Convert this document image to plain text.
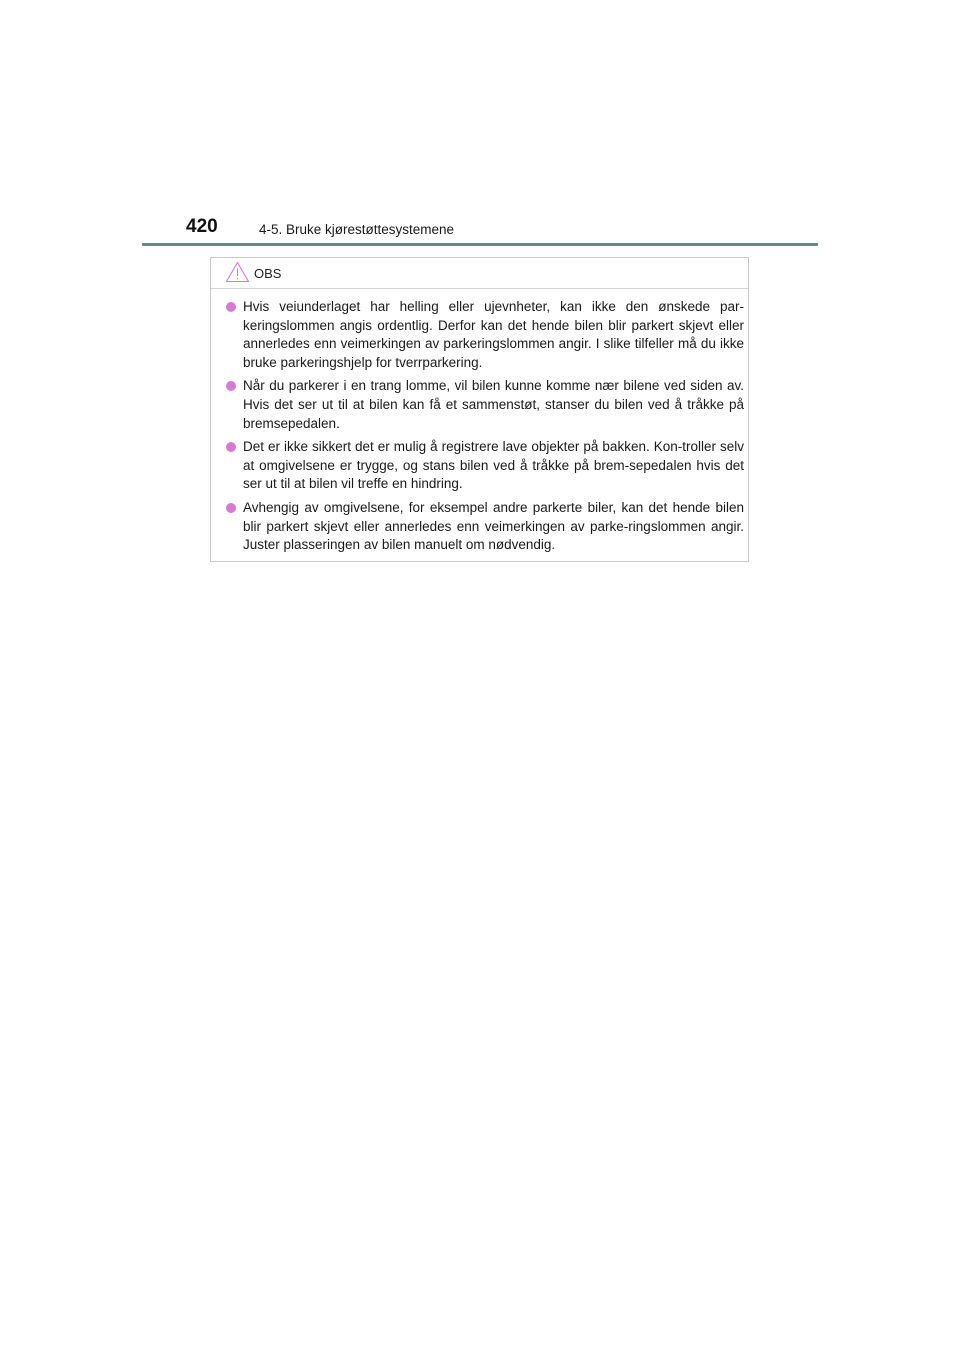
420	4-5. Bruke kjørestøttesystemene
OBS
Hvis veiunderlaget har helling eller ujevnheter, kan ikke den ønskede par-keringslommen angis ordentlig. Derfor kan det hende bilen blir parkert skjevt eller annerledes enn veimerkingen av parkeringslommen angir. I slike tilfeller må du ikke bruke parkeringshjelp for tverrparkering.
Når du parkerer i en trang lomme, vil bilen kunne komme nær bilene ved siden av. Hvis det ser ut til at bilen kan få et sammenstøt, stanser du bilen ved å tråkke på bremsepedalen.
Det er ikke sikkert det er mulig å registrere lave objekter på bakken. Kon-troller selv at omgivelsene er trygge, og stans bilen ved å tråkke på brem-sepedalen hvis det ser ut til at bilen vil treffe en hindring.
Avhengig av omgivelsene, for eksempel andre parkerte biler, kan det hende bilen blir parkert skjevt eller annerledes enn veimerkingen av parke-ringslommen angir. Juster plasseringen av bilen manuelt om nødvendig.
